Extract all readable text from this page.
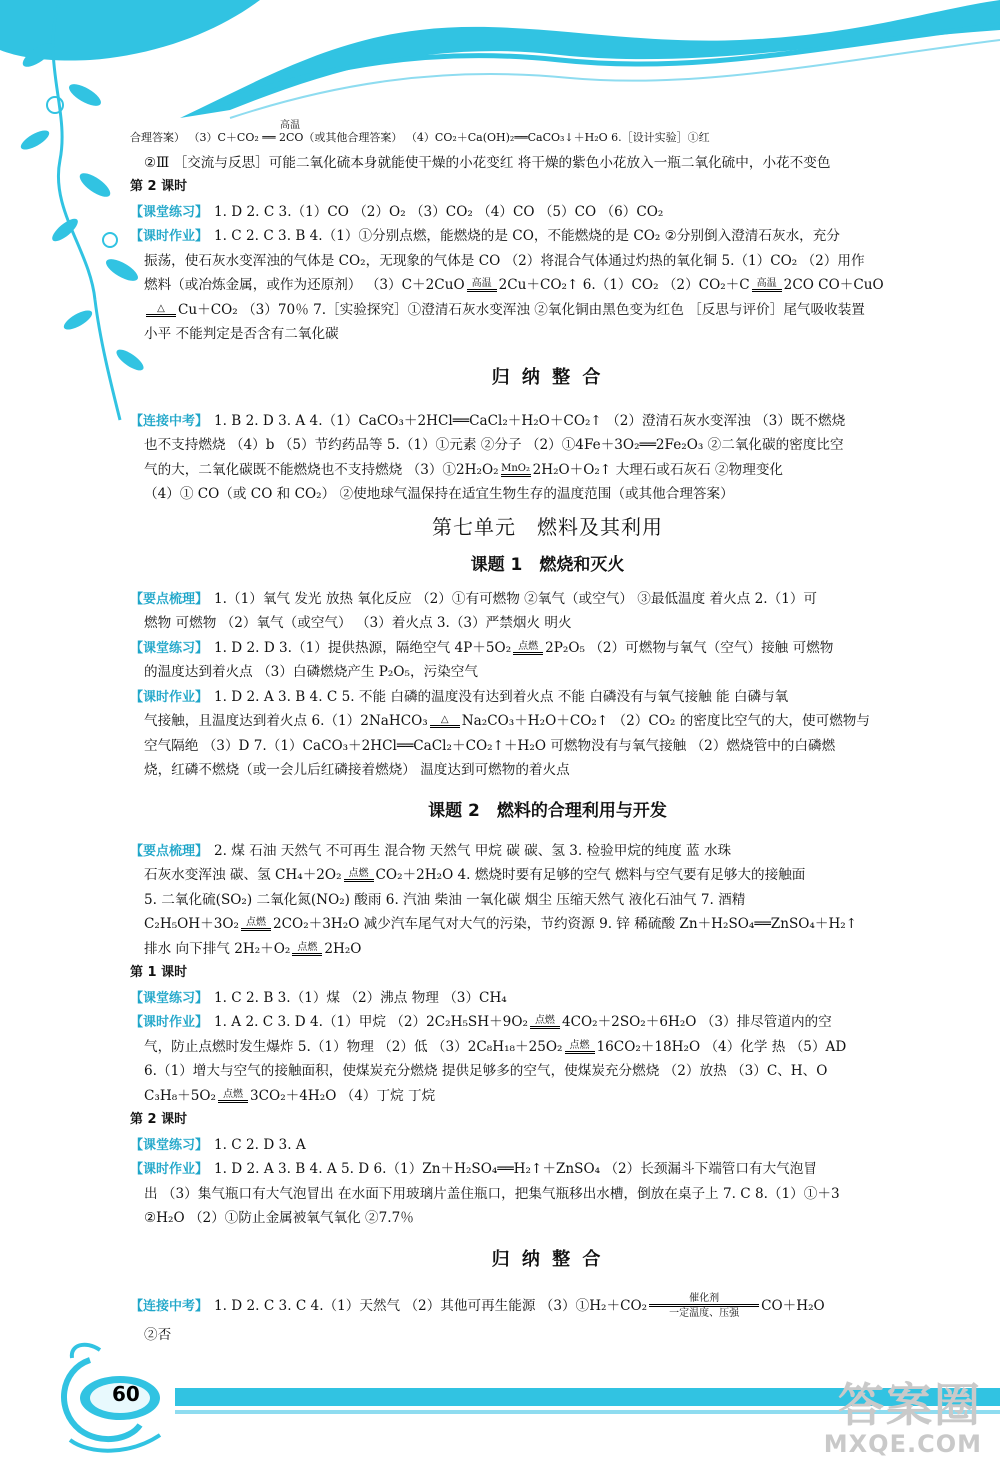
60	答案圈
MXQE.COM
合理答案） （3）C＋CO₂ ══ 2CO（或其他合理答案） （4）CO₂＋Ca(OH)₂══CaCO₃↓＋H₂O 6.［设计实验］①红
高温
②Ⅲ ［交流与反思］可能二氧化硫本身就能使干燥的小花变红 将干燥的紫色小花放入一瓶二氧化硫中，小花不变色
第 2 课时
【课堂练习】 1. D 2. C 3.（1）CO （2）O₂ （3）CO₂ （4）CO （5）CO （6）CO₂
【课时作业】 1. C 2. C 3. B 4.（1）①分别点燃，能燃烧的是 CO，不能燃烧的是 CO₂ ②分别倒入澄清石灰水，充分
振荡，使石灰水变浑浊的气体是 CO₂，无现象的气体是 CO （2）将混合气体通过灼热的氧化铜 5.（1）CO₂ （2）用作
燃料（或冶炼金属，或作为还原剂） （3）C＋2CuO 高温 2Cu＋CO₂↑ 6.（1）CO₂ （2）CO₂＋C 高温 2CO CO＋CuO
△ Cu＋CO₂ （3）70％ 7.［实验探究］①澄清石灰水变浑浊 ②氧化铜由黑色变为红色 ［反思与评价］尾气吸收装置
小平 不能判定是否含有二氧化碳
归 纳 整 合
【连接中考】 1. B 2. D 3. A 4.（1）CaCO₃＋2HCl══CaCl₂＋H₂O＋CO₂↑ （2）澄清石灰水变浑浊 （3）既不燃烧
也不支持燃烧 （4）b （5）节约药品等 5.（1）①元素 ②分子 （2）①4Fe＋3O₂══2Fe₂O₃ ②二氧化碳的密度比空
气的大，二氧化碳既不能燃烧也不支持燃烧 （3）①2H₂O₂ MnO₂ 2H₂O＋O₂↑ 大理石或石灰石 ②物理变化
（4）① CO（或 CO 和 CO₂） ②使地球气温保持在适宜生物生存的温度范围（或其他合理答案）
第七单元　燃料及其利用
课题 1　燃烧和灭火
【要点梳理】 1.（1）氧气 发光 放热 氧化反应 （2）①有可燃物 ②氧气（或空气） ③最低温度 着火点 2.（1）可
燃物 可燃物 （2）氧气（或空气） （3）着火点 3.（3）严禁烟火 明火
【课堂练习】 1. D 2. D 3.（1）提供热源，隔绝空气 4P＋5O₂ 点燃 2P₂O₅ （2）可燃物与氧气（空气）接触 可燃物
的温度达到着火点 （3）白磷燃烧产生 P₂O₅，污染空气
【课时作业】 1. D 2. A 3. B 4. C 5. 不能 白磷的温度没有达到着火点 不能 白磷没有与氧气接触 能 白磷与氧
气接触，且温度达到着火点 6.（1）2NaHCO₃	△ Na₂CO₃＋H₂O＋CO₂↑ （2）CO₂ 的密度比空气的大，使可燃物与
空气隔绝 （3）D 7.（1）CaCO₃＋2HCl══CaCl₂＋CO₂↑＋H₂O 可燃物没有与氧气接触 （2）燃烧管中的白磷燃
烧，红磷不燃烧（或一会儿后红磷接着燃烧） 温度达到可燃物的着火点
课题 2　燃料的合理利用与开发
【要点梳理】 2. 煤 石油 天然气 不可再生 混合物 天然气 甲烷 碳 碳、氢 3. 检验甲烷的纯度 蓝 水珠
石灰水变浑浊 碳、氢 CH₄＋2O₂ 点燃 CO₂＋2H₂O 4. 燃烧时要有足够的空气 燃料与空气要有足够大的接触面
5. 二氧化硫(SO₂) 二氧化氮(NO₂) 酸雨 6. 汽油 柴油 一氧化碳 烟尘 压缩天然气 液化石油气 7. 酒精
C₂H₅OH＋3O₂ 点燃 2CO₂＋3H₂O 减少汽车尾气对大气的污染，节约资源 9. 锌 稀硫酸 Zn＋H₂SO₄══ZnSO₄＋H₂↑
排水 向下排气 2H₂＋O₂ 点燃 2H₂O
第 1 课时
【课堂练习】 1. C 2. B 3.（1）煤 （2）沸点 物理 （3）CH₄
【课时作业】 1. A 2. C 3. D 4.（1）甲烷 （2）2C₂H₅SH＋9O₂ 点燃 4CO₂＋2SO₂＋6H₂O （3）排尽管道内的空
气，防止点燃时发生爆炸 5.（1）物理 （2）低 （3）2C₈H₁₈＋25O₂ 点燃 16CO₂＋18H₂O （4）化学 热 （5）AD
6.（1）增大与空气的接触面积，使煤炭充分燃烧 提供足够多的空气，使煤炭充分燃烧 （2）放热 （3）C、H、O
C₃H₈＋5O₂ 点燃 3CO₂＋4H₂O （4）丁烷 丁烷
第 2 课时
【课堂练习】 1. C 2. D 3. A
【课时作业】 1. D 2. A 3. B 4. A 5. D 6.（1）Zn＋H₂SO₄══H₂↑＋ZnSO₄ （2）长颈漏斗下端管口有大气泡冒
出 （3）集气瓶口有大气泡冒出 在水面下用玻璃片盖住瓶口，把集气瓶移出水槽，倒放在桌子上 7. C 8.（1）①＋3
②H₂O （2）①防止金属被氧气氧化 ②7.7％
归 纳 整 合
【连接中考】 1. D 2. C 3. C 4.（1）天然气 （2）其他可再生能源 （3）①H₂＋CO₂	催化剂
一定温度、压强	CO＋H₂O
②否
